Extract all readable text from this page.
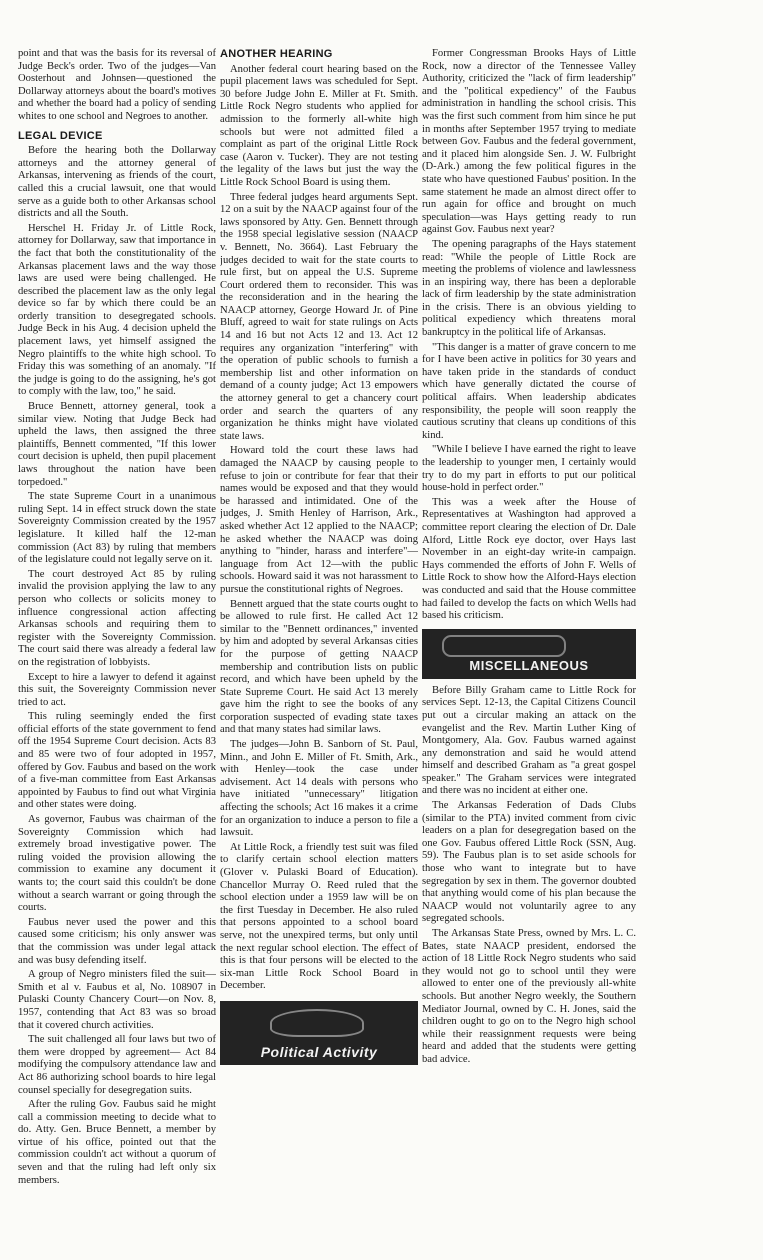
point and that was the basis for its reversal of Judge Beck's order. Two of the judges—Van Oosterhout and Johnsen—questioned the Dollarway attorneys about the board's motives and whether the board had a policy of sending whites to one school and Negroes to another.

LEGAL DEVICE

Before the hearing both the Dollarway attorneys and the attorney general of Arkansas, intervening as friends of the court, called this a crucial lawsuit, one that would serve as a guide both to other Arkansas school districts and all the South.

Herschel H. Friday Jr. of Little Rock, attorney for Dollarway, saw that importance in the fact that both the constitutionality of the Arkansas placement laws and the way those laws are used were being challenged. He described the placement law as the only legal device so far by which there could be an orderly transition to desegregated schools. Judge Beck in his Aug. 4 decision upheld the placement laws, yet himself assigned the Negro plaintiffs to the white high school. To Friday this was something of an anomaly. "If the judge is going to do the assigning, he's got to comply with the law, too," he said.

Bruce Bennett, attorney general, took a similar view. Noting that Judge Beck had upheld the laws, then assigned the three plaintiffs, Bennett commented, "If this lower court decision is upheld, then pupil placement laws throughout the nation have been torpedoed."

The state Supreme Court in a unanimous ruling Sept. 14 in effect struck down the state Sovereignty Commission created by the 1957 legislature. It killed half the 12-man commission (Act 83) by ruling that members of the legislature could not legally serve on it.

The court destroyed Act 85 by ruling invalid the provision applying the law to any person who collects or solicits money to influence congressional action affecting Arkansas schools and requiring them to register with the Sovereignty Commission. The court said there was already a federal law on the registration of lobbyists.

Except to hire a lawyer to defend it against this suit, the Sovereignty Commission never tried to act.

This ruling seemingly ended the first official efforts of the state government to fend off the 1954 Supreme Court decision. Acts 83 and 85 were two of four adopted in 1957, offered by Gov. Faubus and based on the work of a five-man committee from East Arkansas appointed by Faubus to find out what Virginia and other states were doing.

As governor, Faubus was chairman of the Sovereignty Commission which had extremely broad investigative power. The ruling voided the provision allowing the commission to examine any document it wants to; the court said this couldn't be done without a search warrant or going through the courts.

Faubus never used the power and this caused some criticism; his only answer was that the commission was under legal attack and was busy defending itself.

A group of Negro ministers filed the suit—Smith et al v. Faubus et al, No. 108907 in Pulaski County Chancery Court—on Nov. 8, 1957, contending that Act 83 was so broad that it covered church activities.

The suit challenged all four laws but two of them were dropped by agreement— Act 84 modifying the compulsory attendance law and Act 86 authorizing school boards to hire legal counsel specially for desegregation suits.

After the ruling Gov. Faubus said he might call a commission meeting to decide what to do. Atty. Gen. Bruce Bennett, a member by virtue of his office, pointed out that the commission couldn't act without a quorum of seven and that the ruling had left only six members.

ANOTHER HEARING

Another federal court hearing based on the pupil placement laws was scheduled for Sept. 30 before Judge John E. Miller at Ft. Smith. Little Rock Negro students who applied for admission to the formerly all-white high schools but were not admitted filed a complaint as part of the original Little Rock case (Aaron v. Tucker). They are not testing the legality of the laws but just the way the Little Rock School Board is using them.

Three federal judges heard arguments Sept. 12 on a suit by the NAACP against four of the laws sponsored by Atty. Gen. Bennett through the 1958 special legislative session (NAACP v. Bennett, No. 3664). Last February the judges decided to wait for the state courts to rule first, but on appeal the U.S. Supreme Court ordered them to reconsider. This was the reconsideration and in the hearing the NAACP attorney, George Howard Jr. of Pine Bluff, agreed to wait for state rulings on Acts 14 and 16 but not Acts 12 and 13. Act 12 requires any organization "interfering" with the operation of public schools to furnish a membership list and other information on demand of a county judge; Act 13 empowers the attorney general to get a chancery court order and search the quarters of any organization he thinks might have violated state laws.

Howard told the court these laws had damaged the NAACP by causing people to refuse to join or contribute for fear that their names would be exposed and that they would be harassed and intimidated. One of the judges, J. Smith Henley of Harrison, Ark., asked whether Act 12 applied to the NAACP; he asked whether the NAACP was doing anything to "hinder, harass and interfere"—language from Act 12—with the public schools. Howard said it was not harassment to pursue the constitutional rights of Negroes.

Bennett argued that the state courts ought to be allowed to rule first. He called Act 12 similar to the "Bennett ordinances," invented by him and adopted by several Arkansas cities for the purpose of getting NAACP membership and contribution lists on public record, and which have been upheld by the State Supreme Court. He said Act 13 merely gave him the right to see the books of any corporation suspected of evading state taxes and that many states had similar laws.

The judges—John B. Sanborn of St. Paul, Minn., and John E. Miller of Ft. Smith, Ark., with Henley—took the case under advisement. Act 14 deals with persons who have initiated "unnecessary" litigation affecting the schools; Act 16 makes it a crime for an organization to induce a person to file a lawsuit.

At Little Rock, a friendly test suit was filed to clarify certain school election matters (Glover v. Pulaski Board of Education). Chancellor Murray O. Reed ruled that the school election under a 1959 law will be on the first Tuesday in December. He also ruled that persons appointed to a school board serve, not the unexpired terms, but only until the next regular school election. The effect of this is that four persons will be elected to the six-man Little Rock School Board in December.

Political Activity

Former Congressman Brooks Hays of Little Rock, now a director of the Tennessee Valley Authority, criticized the "lack of firm leadership" and the "political expediency" of the Faubus administration in handling the school crisis. This was the first such comment from him since he put in months after September 1957 trying to mediate between Gov. Faubus and the federal government, and it placed him alongside Sen. J. W. Fulbright (D-Ark.) among the few political figures in the state who have questioned Faubus' position. In the same statement he made an almost direct offer to run again for office and brought on much speculation—was Hays getting ready to run against Gov. Faubus next year?

The opening paragraphs of the Hays statement read: "While the people of Little Rock are meeting the problems of violence and lawlessness in an inspiring way, there has been a deplorable lack of firm leadership by the state administration in the crisis. There is an obvious yielding to political expediency which threatens moral bankruptcy in the political life of Arkansas.

"This danger is a matter of grave concern to me for I have been active in politics for 30 years and have taken pride in the standards of conduct which have generally dictated the course of political affairs. When leadership abdicates responsibility, the people will soon reapply the cautious scrutiny that cleans up conditions of this kind.

"While I believe I have earned the right to leave the leadership to younger men, I certainly would try to do my part in efforts to put our political house-hold in perfect order."

This was a week after the House of Representatives at Washington had approved a committee report clearing the election of Dr. Dale Alford, Little Rock eye doctor, over Hays last November in an eight-day write-in campaign. Hays commended the efforts of John F. Wells of Little Rock to show how the Alford-Hays election was conducted and said that the House committee had failed to develop the facts on which Wells had based his criticism.

MISCELLANEOUS

Before Billy Graham came to Little Rock for services Sept. 12-13, the Capital Citizens Council put out a circular making an attack on the evangelist and the Rev. Martin Luther King of Montgomery, Ala. Gov. Faubus warned against any demonstration and said he would attend himself and described Graham as "a great gospel speaker." The Graham services were integrated and there was no incident at either one.

The Arkansas Federation of Dads Clubs (similar to the PTA) invited comment from civic leaders on a plan for desegregation based on the one Gov. Faubus offered Little Rock (SSN, Aug. 59). The Faubus plan is to set aside schools for those who want to integrate but to have segregation by sex in them. The governor doubted that anything would come of his plan because the NAACP would not voluntarily agree to any segregated schools.

The Arkansas State Press, owned by Mrs. L. C. Bates, state NAACP president, endorsed the action of 18 Little Rock Negro students who said they would not go to school until they were allowed to enter one of the previously all-white schools. But another Negro weekly, the Southern Mediator Journal, owned by C. H. Jones, said the children ought to go on to the Negro high school while their reassignment requests were being heard and added that the students were getting bad advice.
